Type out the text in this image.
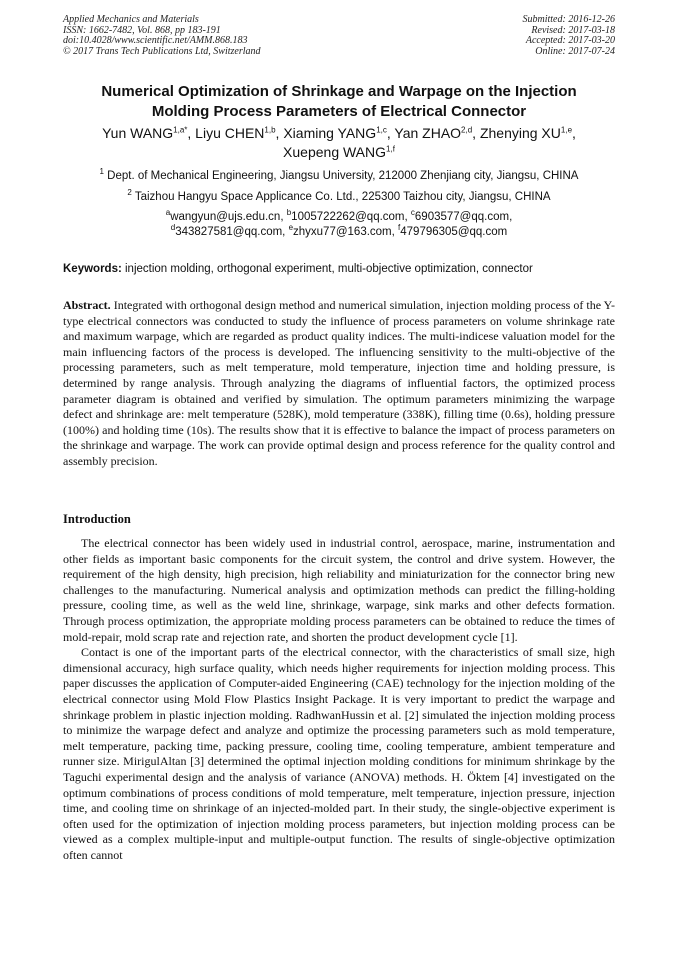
Applied Mechanics and Materials
ISSN: 1662-7482, Vol. 868, pp 183-191
doi:10.4028/www.scientific.net/AMM.868.183
© 2017 Trans Tech Publications Ltd, Switzerland
Submitted: 2016-12-26
Revised: 2017-03-18
Accepted: 2017-03-20
Online: 2017-07-24
Numerical Optimization of Shrinkage and Warpage on the Injection
Molding Process Parameters of Electrical Connector
Yun $WANG^{1,a*}$, Liyu CHEN$^{1,b}$, Xiaming YANG$^{1,c}$, Yan ZHAO$^{2,d}$, Zhenying XU$^{1,e}$,
Xuepeng WANG$^{1,f}$
$^1$ Dept. of Mechanical Engineering, Jiangsu University, 212000 Zhenjiang city, Jiangsu, CHINA
$^2$ Taizhou Hangyu Space Applicance Co. Ltd., 225300 Taizhou city, Jiangsu, CHINA
$^a$wangyun@ujs.edu.cn, $^b$1005722262@qq.com, $^c$6903577@qq.com,
$^d$343827581@qq.com, $^e$zhyxu77@163.com, $^f$479796305@qq.com
Keywords: injection molding, orthogonal experiment, multi-objective optimization, connector
Abstract. Integrated with orthogonal design method and numerical simulation, injection molding process of the Y-type electrical connectors was conducted to study the influence of process parameters on volume shrinkage rate and maximum warpage, which are regarded as product quality indices. The multi-indicese valuation model for the main influencing factors of the process is developed. The influencing sensitivity to the multi-objective of the processing parameters, such as melt temperature, mold temperature, injection time and holding pressure, is determined by range analysis. Through analyzing the diagrams of influential factors, the optimized process parameter diagram is obtained and verified by simulation. The optimum parameters minimizing the warpage defect and shrinkage are: melt temperature (528K), mold temperature (338K), filling time (0.6s), holding pressure (100%) and holding time (10s). The results show that it is effective to balance the impact of process parameters on the shrinkage and warpage. The work can provide optimal design and process reference for the quality control and assembly precision.
Introduction

The electrical connector has been widely used in industrial control, aerospace, marine, instrumentation and other fields as important basic components for the circuit system, the control and drive system. However, the requirement of the high density, high precision, high reliability and miniaturization for the connector bring new challenges to the manufacturing. Numerical analysis and optimization methods can predict the filling-holding pressure, cooling time, as well as the weld line, shrinkage, warpage, sink marks and other defects formation. Through process optimization, the appropriate molding process parameters can be obtained to reduce the times of mold-repair, mold scrap rate and rejection rate, and shorten the product development cycle [1].

Contact is one of the important parts of the electrical connector, with the characteristics of small size, high dimensional accuracy, high surface quality, which needs higher requirements for injection molding process. This paper discusses the application of Computer-aided Engineering (CAE) technology for the injection molding of the electrical connector using Mold Flow Plastics Insight Package. It is very important to predict the warpage and shrinkage problem in plastic injection molding. RadhwanHussin et al. [2] simulated the injection molding process to minimize the warpage defect and analyze and optimize the processing parameters such as mold temperature, melt temperature, packing time, packing pressure, cooling time, cooling temperature, ambient temperature and runner size. MirigulAltan [3] determined the optimal injection molding conditions for minimum shrinkage by the Taguchi experimental design and the analysis of variance (ANOVA) methods. H. Öktem [4] investigated on the optimum combinations of process conditions of mold temperature, melt temperature, injection pressure, injection time, and cooling time on shrinkage of an injected-molded part. In their study, the single-objective experiment is often used for the optimization of injection molding process parameters, but injection molding process can be viewed as a complex multiple-input and multiple-output function. The results of single-objective optimization often cannot
